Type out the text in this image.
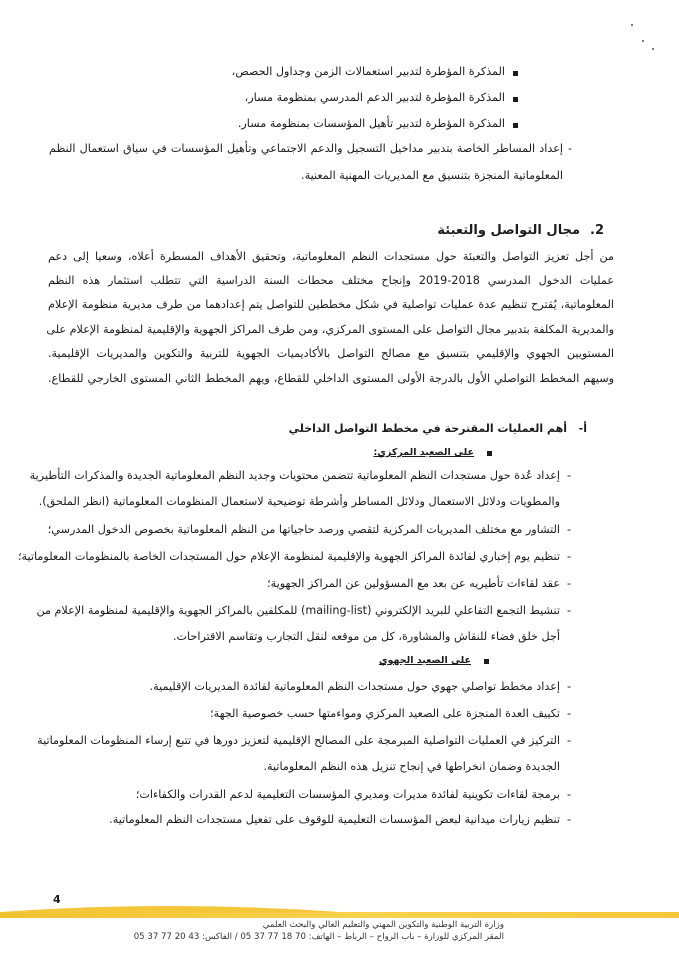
المذكرة المؤطرة لتدبير استعمالات الزمن وجداول الحصص،
المذكرة المؤطرة لتدبير الدعم المدرسي بمنظومة مسار،
المذكرة المؤطرة لتدبير تأهيل المؤسسات بمنظومة مسار.
-
إعداد المساطر الخاصة بتدبير مداخيل التسجيل والدعم الاجتماعي وتأهيل المؤسسات في سياق استعمال النظم
المعلوماتية المنجزة بتنسيق مع المديريات المهنية المعنية.
.2
مجال التواصل والتعبئة
من أجل تعزيز التواصل والتعبئة حول مستجدات النظم المعلوماتية، وتحقيق الأهداف المسطرة أعلاه، وسعيا إلى دعم
عمليات الدخول المدرسي 2018-2019 وإنجاح مختلف محطات السنة الدراسية التي تتطلب استثمار هذه النظم
المعلوماتية، يُقترح تنظيم عدة عمليات تواصلية في شكل مخططين للتواصل يتم إعدادهما من طرف مديرية منظومة الإعلام
والمديرية المكلفة بتدبير مجال التواصل على المستوى المركزي، ومن طرف المراكز الجهوية والإقليمية لمنظومة الإعلام على
المستويين الجهوي والإقليمي بتنسيق مع مصالح التواصل بالأكاديميات الجهوية للتربية والتكوين والمديريات الإقليمية.
وسيهم المخطط التواصلي الأول بالدرجة الأولى المستوى الداخلي للقطاع، ويهم المخطط الثاني المستوى الخارجي للقطاع.
أ-
أهم العمليات المقترحة في مخطط التواصل الداخلي
على الصعيد المركزي:
-
إعداد عُدة حول مستجدات النظم المعلوماتية تتضمن محتويات وجديد النظم المعلوماتية الجديدة والمذكرات التأطيرية
والمطويات ودلائل الاستعمال ودلائل المساطر وأشرطة توضيحية لاستعمال المنظومات المعلوماتية (انظر الملحق).
-
التشاور مع مختلف المديريات المركزية لتقصي ورصد حاجياتها من النظم المعلوماتية بخصوص الدخول المدرسي؛
-
تنظيم يوم إخباري لفائدة المراكز الجهوية والإقليمية لمنظومة الإعلام حول المستجدات الخاصة بالمنظومات المعلوماتية؛
-
عقد لقاءات تأطيريه عن بعد مع المسؤولين عن المراكز الجهوية؛
-
تنشيط التجمع التفاعلي للبريد الإلكتروني (mailing-list) للمكلفين بالمراكز الجهوية والإقليمية لمنظومة الإعلام من
أجل خلق فضاء للنقاش والمشاورة، كل من موقعه لنقل التجارب وتقاسم الاقتراحات.
على الصعيد الجهوي
-
إعداد مخطط تواصلي جهوي حول مستجدات النظم المعلوماتية لفائدة المديريات الإقليمية.
-
تكييف العدة المنجزة على الصعيد المركزي ومواءمتها حسب خصوصية الجهة؛
-
التركيز في العمليات التواصلية المبرمجة على المصالح الإقليمية لتعزيز دورها في تتبع إرساء المنظومات المعلوماتية
الجديدة وضمان انخراطها في إنجاح تنزيل هذه النظم المعلوماتية.
-
برمجة لقاءات تكوينية لفائدة مديرات ومديري المؤسسات التعليمية لدعم القدرات والكفاءات؛
-
تنظيم زيارات ميدانية لبعض المؤسسات التعليمية للوقوف على تفعيل مستجدات النظم المعلوماتية.
4
وزارة التربية الوطنية والتكوين المهني والتعليم العالي والبحث العلمي
المقر المركزي للوزارة – باب الرواح – الرباط – الهاتف: 70 18 77 37 05 / الفاكس: 43 20 77 37 05
